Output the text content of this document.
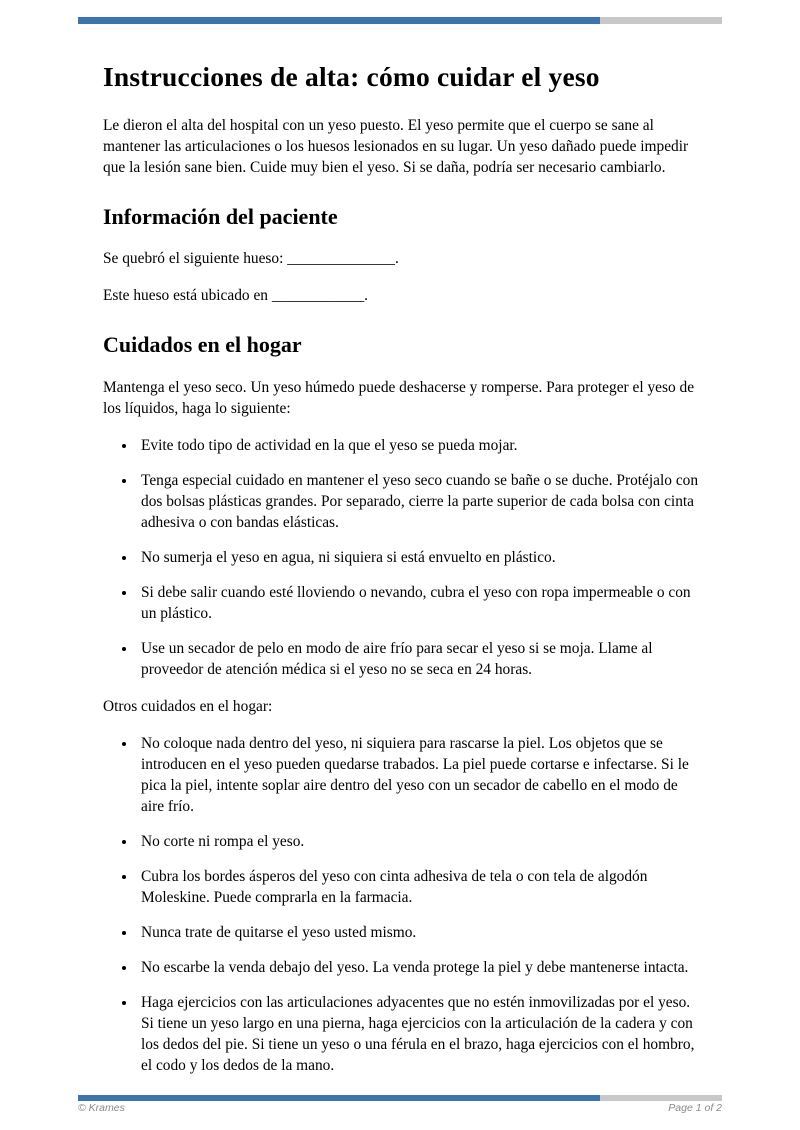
Instrucciones de alta: cómo cuidar el yeso

Le dieron el alta del hospital con un yeso puesto. El yeso permite que el cuerpo se sane al mantener las articulaciones o los huesos lesionados en su lugar. Un yeso dañado puede impedir que la lesión sane bien. Cuide muy bien el yeso. Si se daña, podría ser necesario cambiarlo.

Información del paciente

Se quebró el siguiente hueso: ______________.

Este hueso está ubicado en ____________.

Cuidados en el hogar

Mantenga el yeso seco. Un yeso húmedo puede deshacerse y romperse. Para proteger el yeso de los líquidos, haga lo siguiente:

• Evite todo tipo de actividad en la que el yeso se pueda mojar.
• Tenga especial cuidado en mantener el yeso seco cuando se bañe o se duche. Protéjalo con dos bolsas plásticas grandes. Por separado, cierre la parte superior de cada bolsa con cinta adhesiva o con bandas elásticas.
• No sumerja el yeso en agua, ni siquiera si está envuelto en plástico.
• Si debe salir cuando esté lloviendo o nevando, cubra el yeso con ropa impermeable o con un plástico.
• Use un secador de pelo en modo de aire frío para secar el yeso si se moja. Llame al proveedor de atención médica si el yeso no se seca en 24 horas.

Otros cuidados en el hogar:

• No coloque nada dentro del yeso, ni siquiera para rascarse la piel. Los objetos que se introducen en el yeso pueden quedarse trabados. La piel puede cortarse e infectarse. Si le pica la piel, intente soplar aire dentro del yeso con un secador de cabello en el modo de aire frío.
• No corte ni rompa el yeso.
• Cubra los bordes ásperos del yeso con cinta adhesiva de tela o con tela de algodón Moleskine. Puede comprarla en la farmacia.
• Nunca trate de quitarse el yeso usted mismo.
• No escarbe la venda debajo del yeso. La venda protege la piel y debe mantenerse intacta.
• Haga ejercicios con las articulaciones adyacentes que no estén inmovilizadas por el yeso. Si tiene un yeso largo en una pierna, haga ejercicios con la articulación de la cadera y con los dedos del pie. Si tiene un yeso o una férula en el brazo, haga ejercicios con el hombro, el codo y los dedos de la mano.
© Krames	Page 1 of 2
